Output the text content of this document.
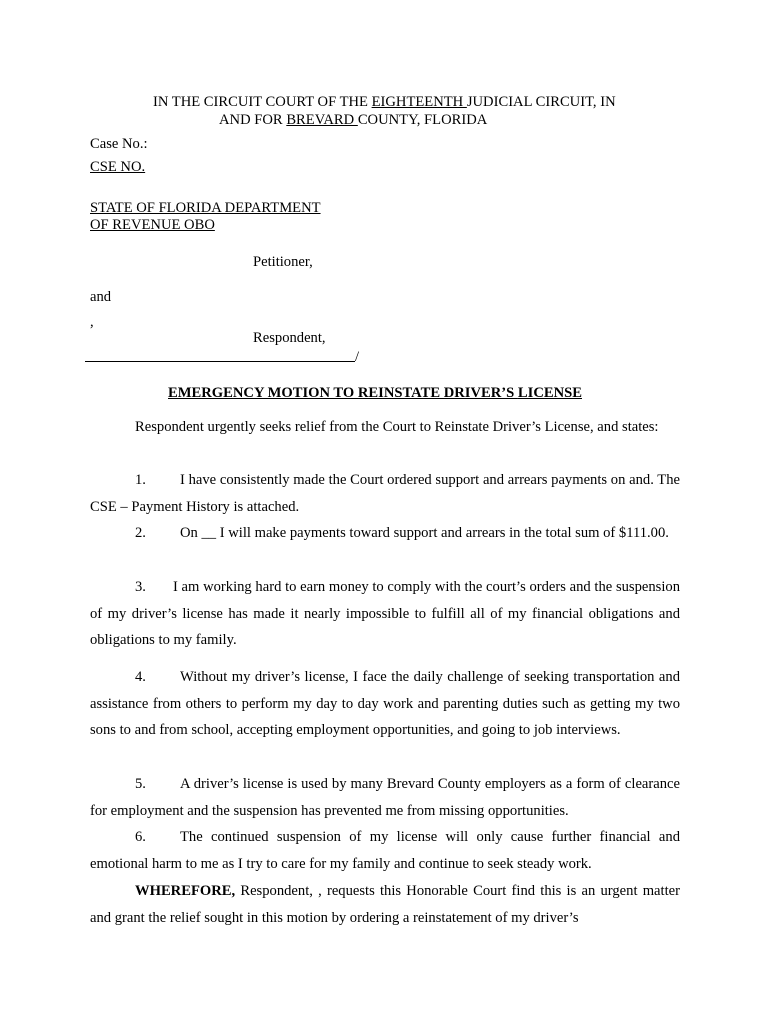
IN THE CIRCUIT COURT OF THE EIGHTEENTH JUDICIAL CIRCUIT, IN
AND FOR BREVARD COUNTY, FLORIDA
Case No.:
CSE NO.
STATE OF FLORIDA DEPARTMENT
OF REVENUE OBO
Petitioner,
and
,
Respondent,
/
EMERGENCY MOTION TO REINSTATE DRIVER’S LICENSE
Respondent urgently seeks relief from the Court to Reinstate Driver’s License, and states:
1. I have consistently made the Court ordered support and arrears payments on and. The CSE – Payment History is attached.
2. On __ I will make payments toward support and arrears in the total sum of $111.00.
3. I am working hard to earn money to comply with the court’s orders and the suspension of my driver’s license has made it nearly impossible to fulfill all of my financial obligations and obligations to my family.
4. Without my driver’s license, I face the daily challenge of seeking transportation and assistance from others to perform my day to day work and parenting duties such as getting my two sons to and from school, accepting employment opportunities, and going to job interviews.
5. A driver’s license is used by many Brevard County employers as a form of clearance for employment and the suspension has prevented me from missing opportunities.
6. The continued suspension of my license will only cause further financial and emotional harm to me as I try to care for my family and continue to seek steady work.
WHEREFORE, Respondent, , requests this Honorable Court find this is an urgent matter and grant the relief sought in this motion by ordering a reinstatement of my driver’s
